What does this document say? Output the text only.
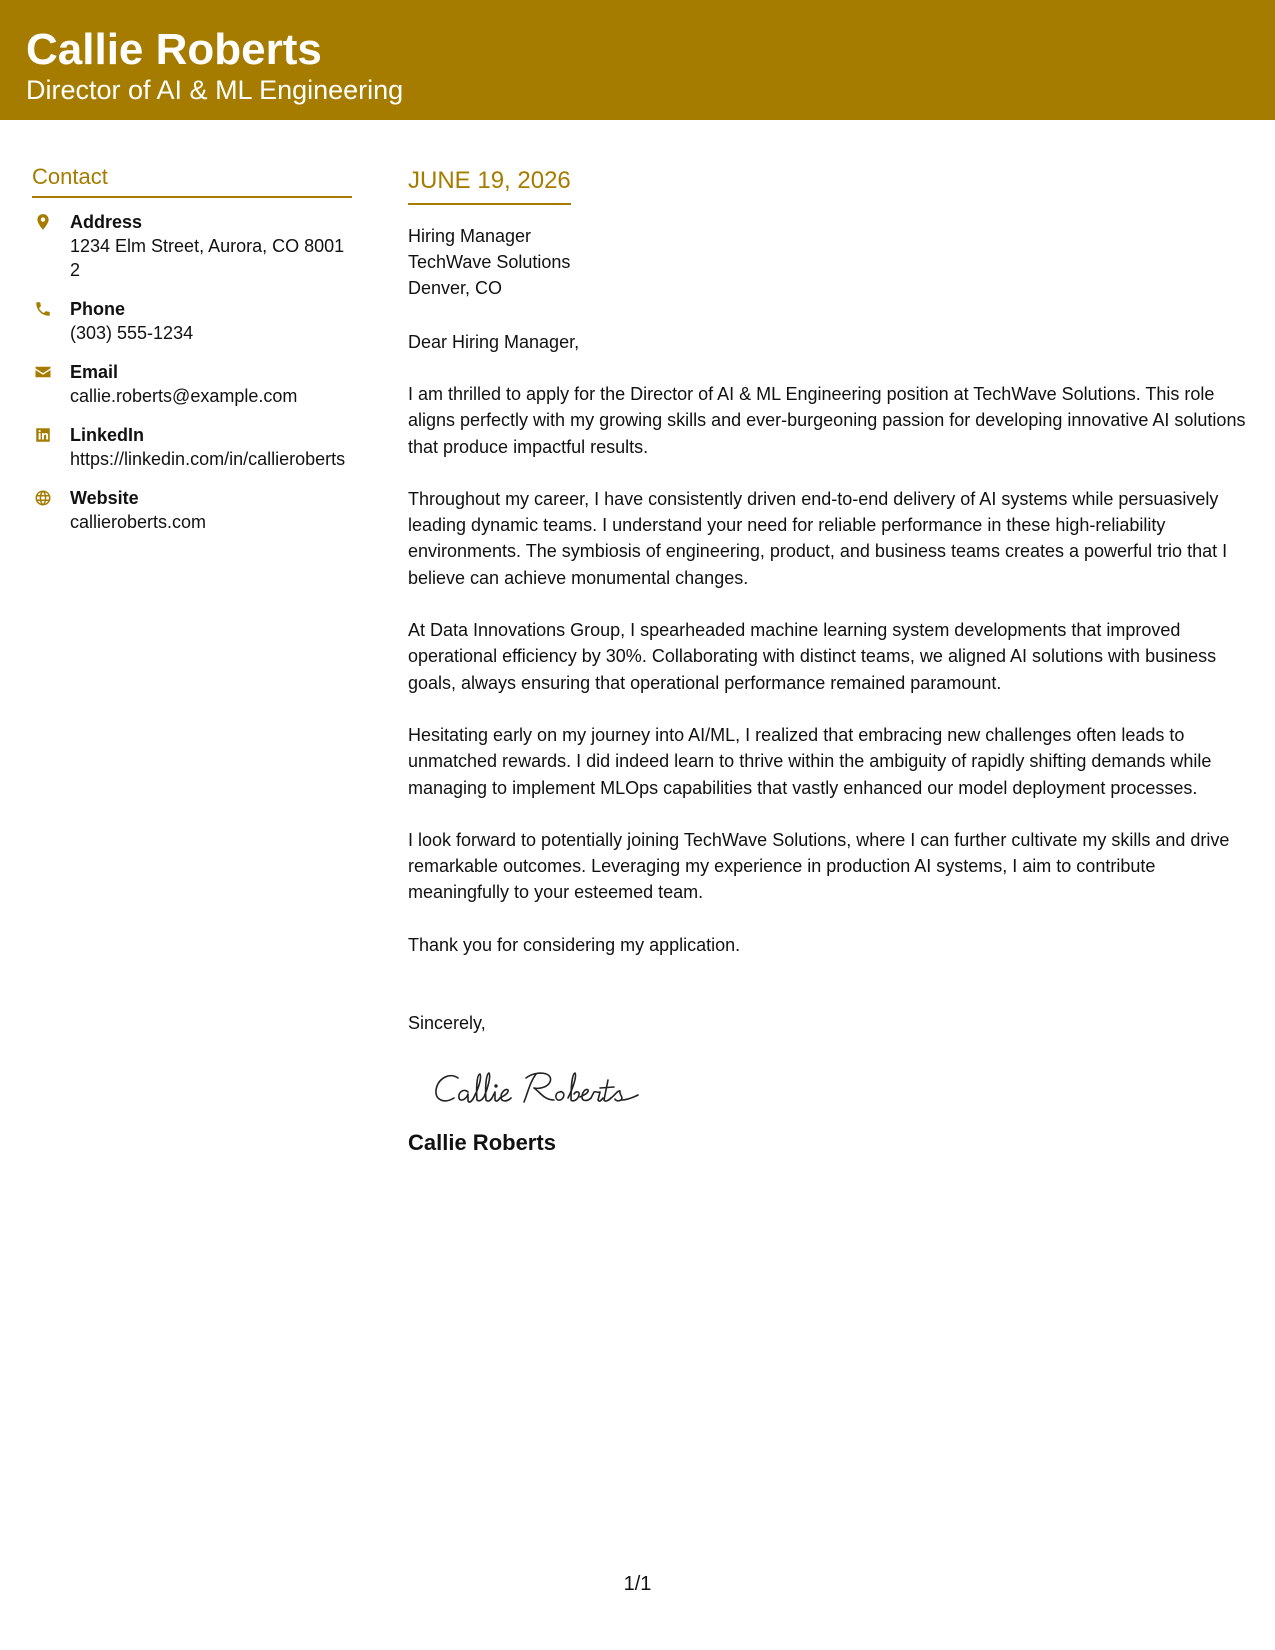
Callie Roberts
Director of AI & ML Engineering
Contact
Address
1234 Elm Street, Aurora, CO 80012
Phone
(303) 555-1234
Email
callie.roberts@example.com
LinkedIn
https://linkedin.com/in/callieroberts
Website
callieroberts.com
JUNE 19, 2026
Hiring Manager
TechWave Solutions
Denver, CO
Dear Hiring Manager,
I am thrilled to apply for the Director of AI & ML Engineering position at TechWave Solutions. This role aligns perfectly with my growing skills and ever-burgeoning passion for developing innovative AI solutions that produce impactful results.
Throughout my career, I have consistently driven end-to-end delivery of AI systems while persuasively leading dynamic teams. I understand your need for reliable performance in these high-reliability environments. The symbiosis of engineering, product, and business teams creates a powerful trio that I believe can achieve monumental changes.
At Data Innovations Group, I spearheaded machine learning system developments that improved operational efficiency by 30%. Collaborating with distinct teams, we aligned AI solutions with business goals, always ensuring that operational performance remained paramount.
Hesitating early on my journey into AI/ML, I realized that embracing new challenges often leads to unmatched rewards. I did indeed learn to thrive within the ambiguity of rapidly shifting demands while managing to implement MLOps capabilities that vastly enhanced our model deployment processes.
I look forward to potentially joining TechWave Solutions, where I can further cultivate my skills and drive remarkable outcomes. Leveraging my experience in production AI systems, I aim to contribute meaningfully to your esteemed team.
Thank you for considering my application.
Sincerely,
Callie Roberts
1/1
